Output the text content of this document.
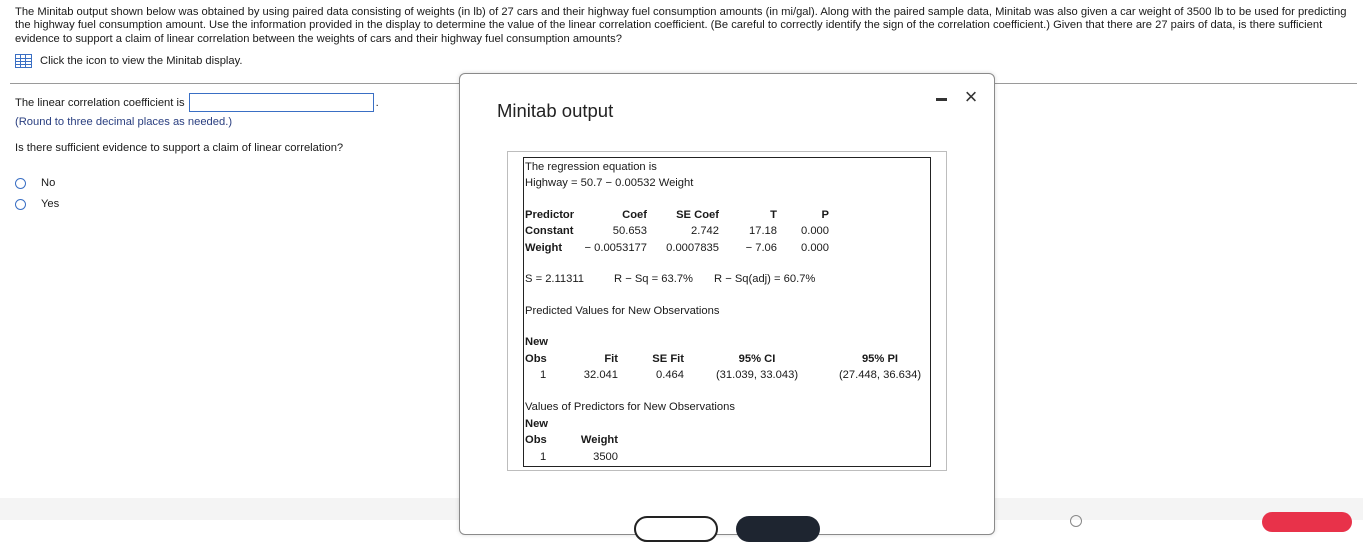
The Minitab output shown below was obtained by using paired data consisting of weights (in lb) of 27 cars and their highway fuel consumption amounts (in mi/gal). Along with the paired sample data, Minitab was also given a car weight of 3500 lb to be used for predicting the highway fuel consumption amount. Use the information provided in the display to determine the value of the linear correlation coefficient. (Be careful to correctly identify the sign of the correlation coefficient.) Given that there are 27 pairs of data, is there sufficient evidence to support a claim of linear correlation between the weights of cars and their highway fuel consumption amounts?
Click the icon to view the Minitab display.
The linear correlation coefficient is	.
(Round to three decimal places as needed.)
Is there sufficient evidence to support a claim of linear correlation?
No
Yes
Minitab output
×
The regression equation is
Highway = 50.7 − 0.00532 Weight
Predictor	Coef	SE Coef	T	P
Constant	50.653	2.742	17.18	0.000
Weight	− 0.0053177	0.0007835	− 7.06	0.000
S = 2.11311	R − Sq = 63.7% R − Sq(adj) = 60.7%
Predicted Values for New Observations
New
Obs	Fit	SE Fit	95% CI	95% PI
1	32.041	0.464	(31.039, 33.043)	(27.448, 36.634)
Values of Predictors for New Observations
New
Obs	Weight
1	3500
